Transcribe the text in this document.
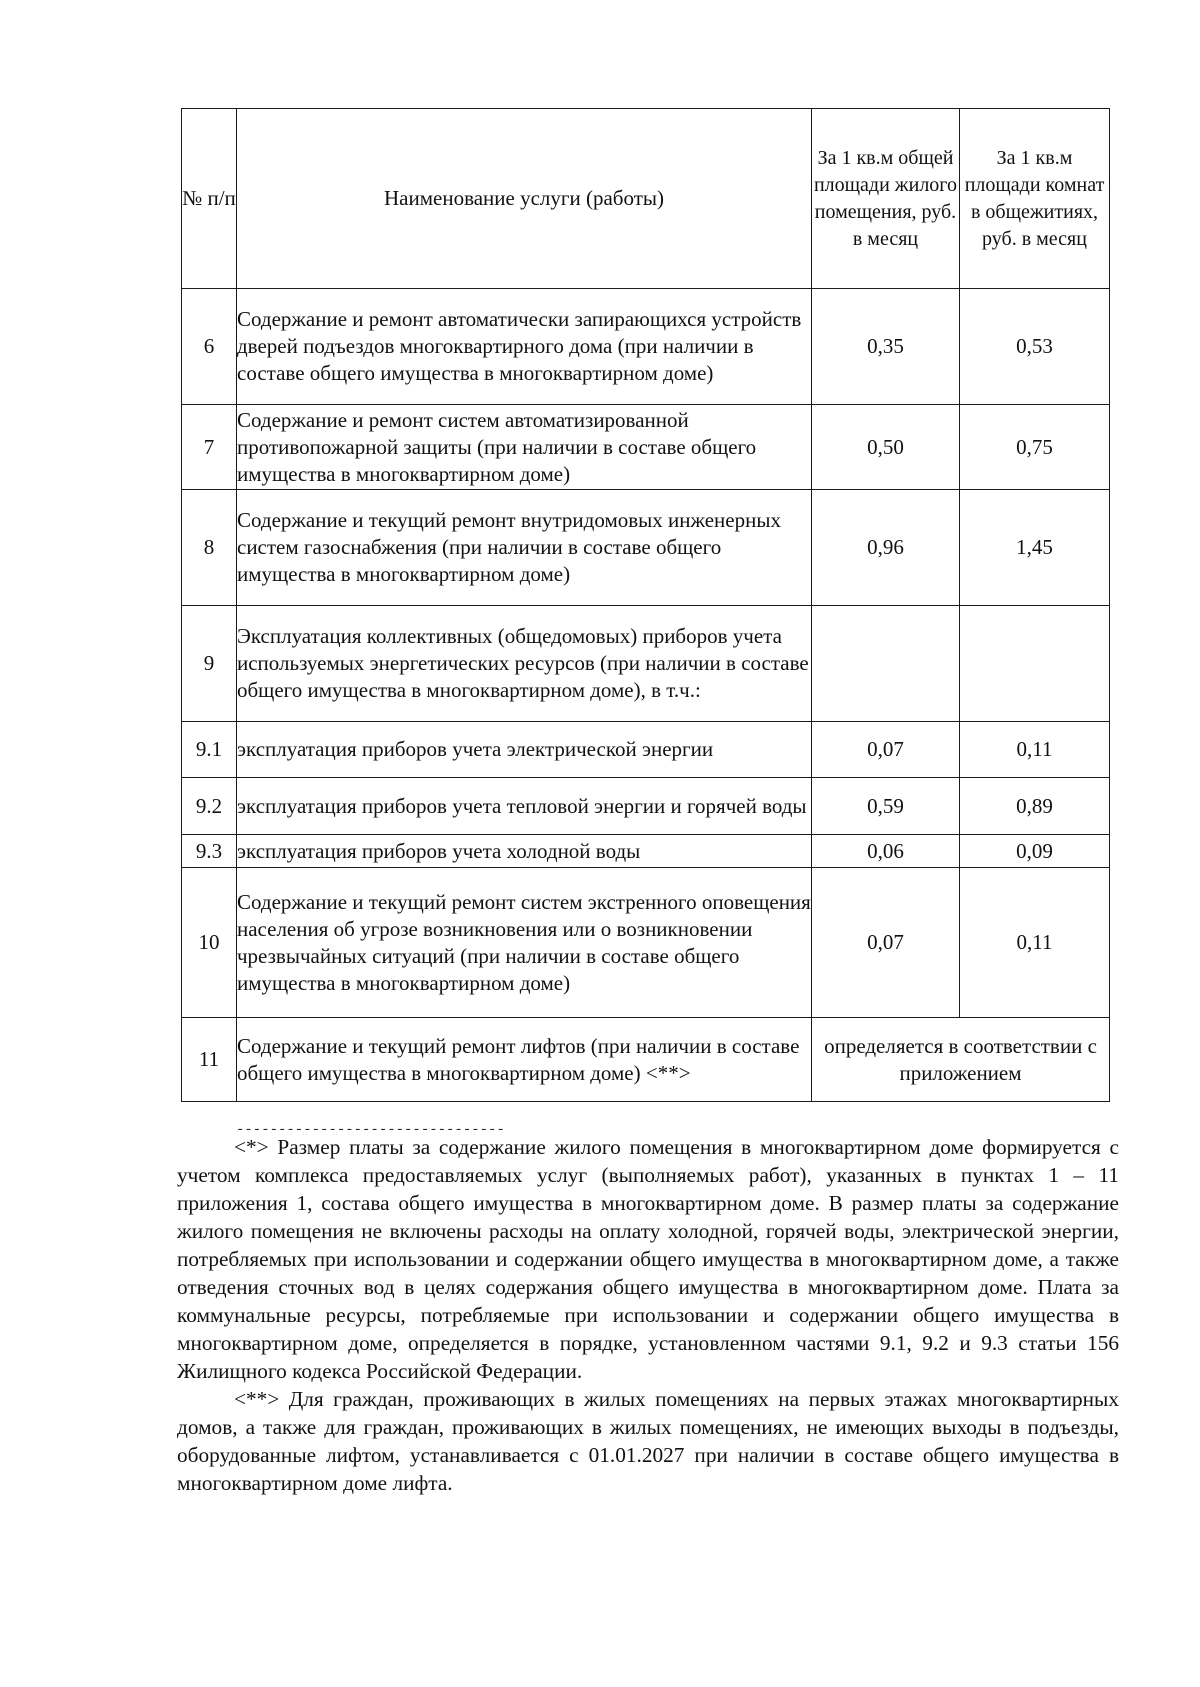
№ п/п	Наименование услуги (работы)	За 1 кв.м общей площади жилого помещения, руб. в месяц	За 1 кв.м площади комнат в общежитиях, руб. в месяц
6	Содержание и ремонт автоматически запирающихся устройств дверей подъездов многоквартирного дома (при наличии в составе общего имущества в многоквартирном доме)	0,35	0,53
7	Содержание и ремонт систем автоматизированной противопожарной защиты (при наличии в составе общего имущества в многоквартирном доме)	0,50	0,75
8	Содержание и текущий ремонт внутридомовых инженерных систем газоснабжения (при наличии в составе общего имущества в многоквартирном доме)	0,96	1,45
9	Эксплуатация коллективных (общедомовых) приборов учета используемых энергетических ресурсов (при наличии в составе общего имущества в многоквартирном доме), в т.ч.:		
9.1	эксплуатация приборов учета электрической энергии	0,07	0,11
9.2	эксплуатация приборов учета тепловой энергии и горячей воды	0,59	0,89
9.3	эксплуатация приборов учета холодной воды	0,06	0,09
10	Содержание и текущий ремонт систем экстренного оповещения населения об угрозе возникновения или о возникновении чрезвычайных ситуаций (при наличии в составе общего имущества в многоквартирном доме)	0,07	0,11
11	Содержание и текущий ремонт лифтов (при наличии в составе общего имущества в многоквартирном доме) <**>	определяется в соответствии с приложением	
--------------------------------

<*> Размер платы за содержание жилого помещения в многоквартирном доме формируется с учетом комплекса предоставляемых услуг (выполняемых работ), указанных в пунктах 1 – 11 приложения 1, состава общего имущества в многоквартирном доме. В размер платы за содержание жилого помещения не включены расходы на оплату холодной, горячей воды, электрической энергии, потребляемых при использовании и содержании общего имущества в многоквартирном доме, а также отведения сточных вод в целях содержания общего имущества в многоквартирном доме. Плата за коммунальные ресурсы, потребляемые при использовании и содержании общего имущества в многоквартирном доме, определяется в порядке, установленном частями 9.1, 9.2 и 9.3 статьи 156 Жилищного кодекса Российской Федерации.

<**> Для граждан, проживающих в жилых помещениях на первых этажах многоквартирных домов, а также для граждан, проживающих в жилых помещениях, не имеющих выходы в подъезды, оборудованные лифтом, устанавливается с 01.01.2027 при наличии в составе общего имущества в многоквартирном доме лифта.
